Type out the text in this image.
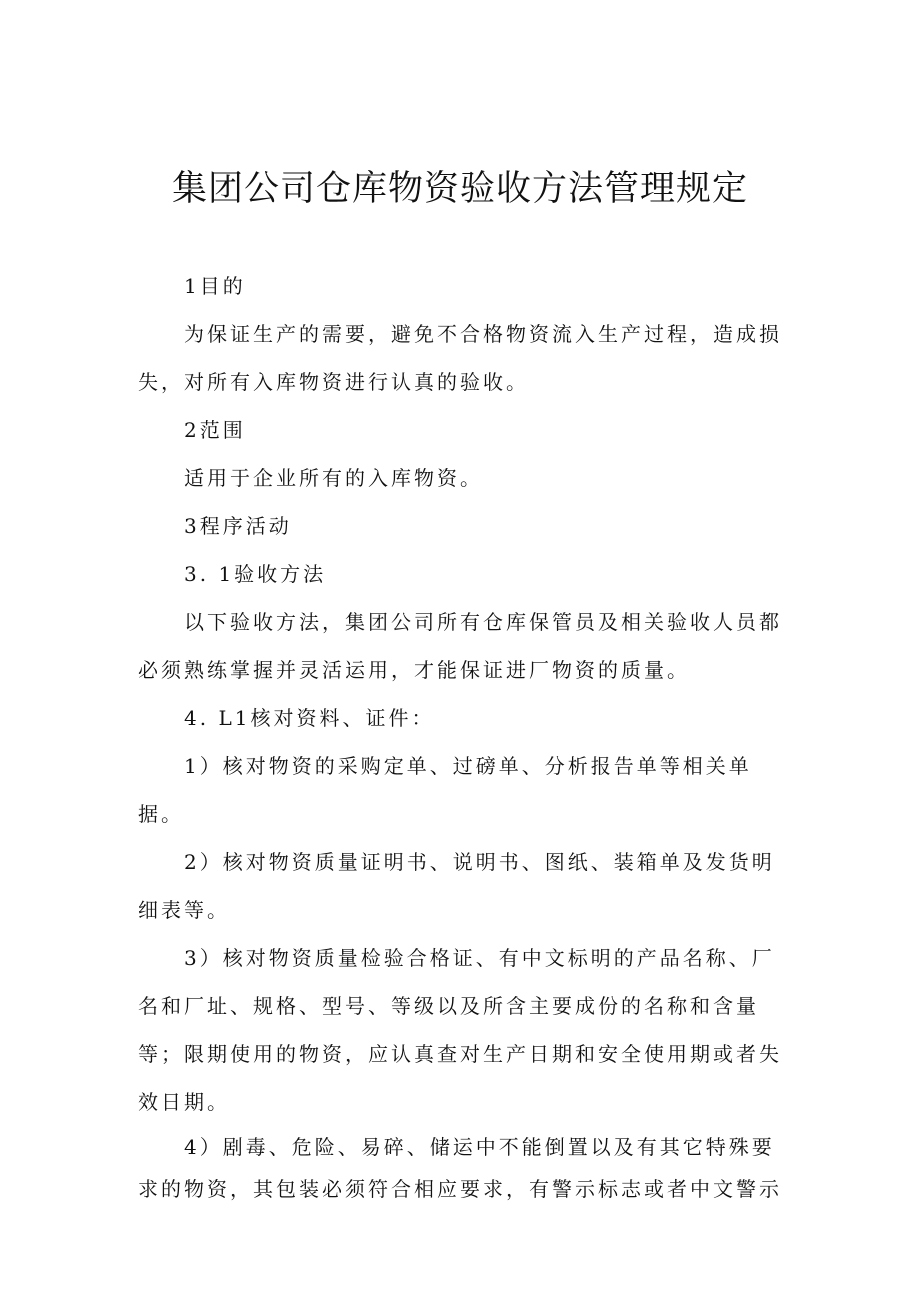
集团公司仓库物资验收方法管理规定

1目的

为保证生产的需要，避免不合格物资流入生产过程，造成损失，对所有入库物资进行认真的验收。

2范围

适用于企业所有的入库物资。

3程序活动

3. 1验收方法

以下验收方法，集团公司所有仓库保管员及相关验收人员都必须熟练掌握并灵活运用，才能保证进厂物资的质量。

4. L1核对资料、证件：

1）核对物资的采购定单、过磅单、分析报告单等相关单据。

2）核对物资质量证明书、说明书、图纸、装箱单及发货明细表等。

3）核对物资质量检验合格证、有中文标明的产品名称、厂名和厂址、规格、型号、等级以及所含主要成份的名称和含量等；限期使用的物资，应认真查对生产日期和安全使用期或者失效日期。

4）剧毒、危险、易碎、储运中不能倒置以及有其它特殊要求的物资，其包装必须符合相应要求，有警示标志或者中文警示
